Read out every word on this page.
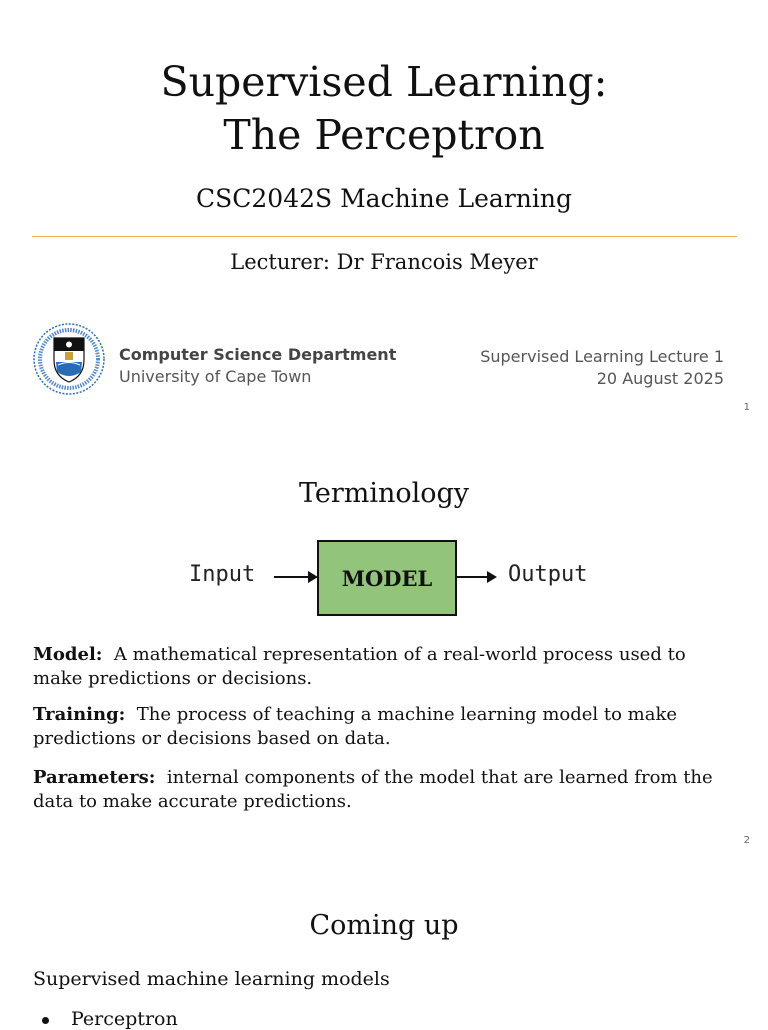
Supervised Learning:
The Perceptron
CSC2042S Machine Learning
Lecturer: Dr Francois Meyer
Computer Science Department
University of Cape Town
Supervised Learning Lecture 1
20 August 2025
1
Terminology
Input	MODEL	Output
Model: A mathematical representation of a real-world process used to make predictions or decisions.
Training: The process of teaching a machine learning model to make predictions or decisions based on data.
Parameters: internal components of the model that are learned from the data to make accurate predictions.
2
Coming up
Supervised machine learning models
Perceptron
